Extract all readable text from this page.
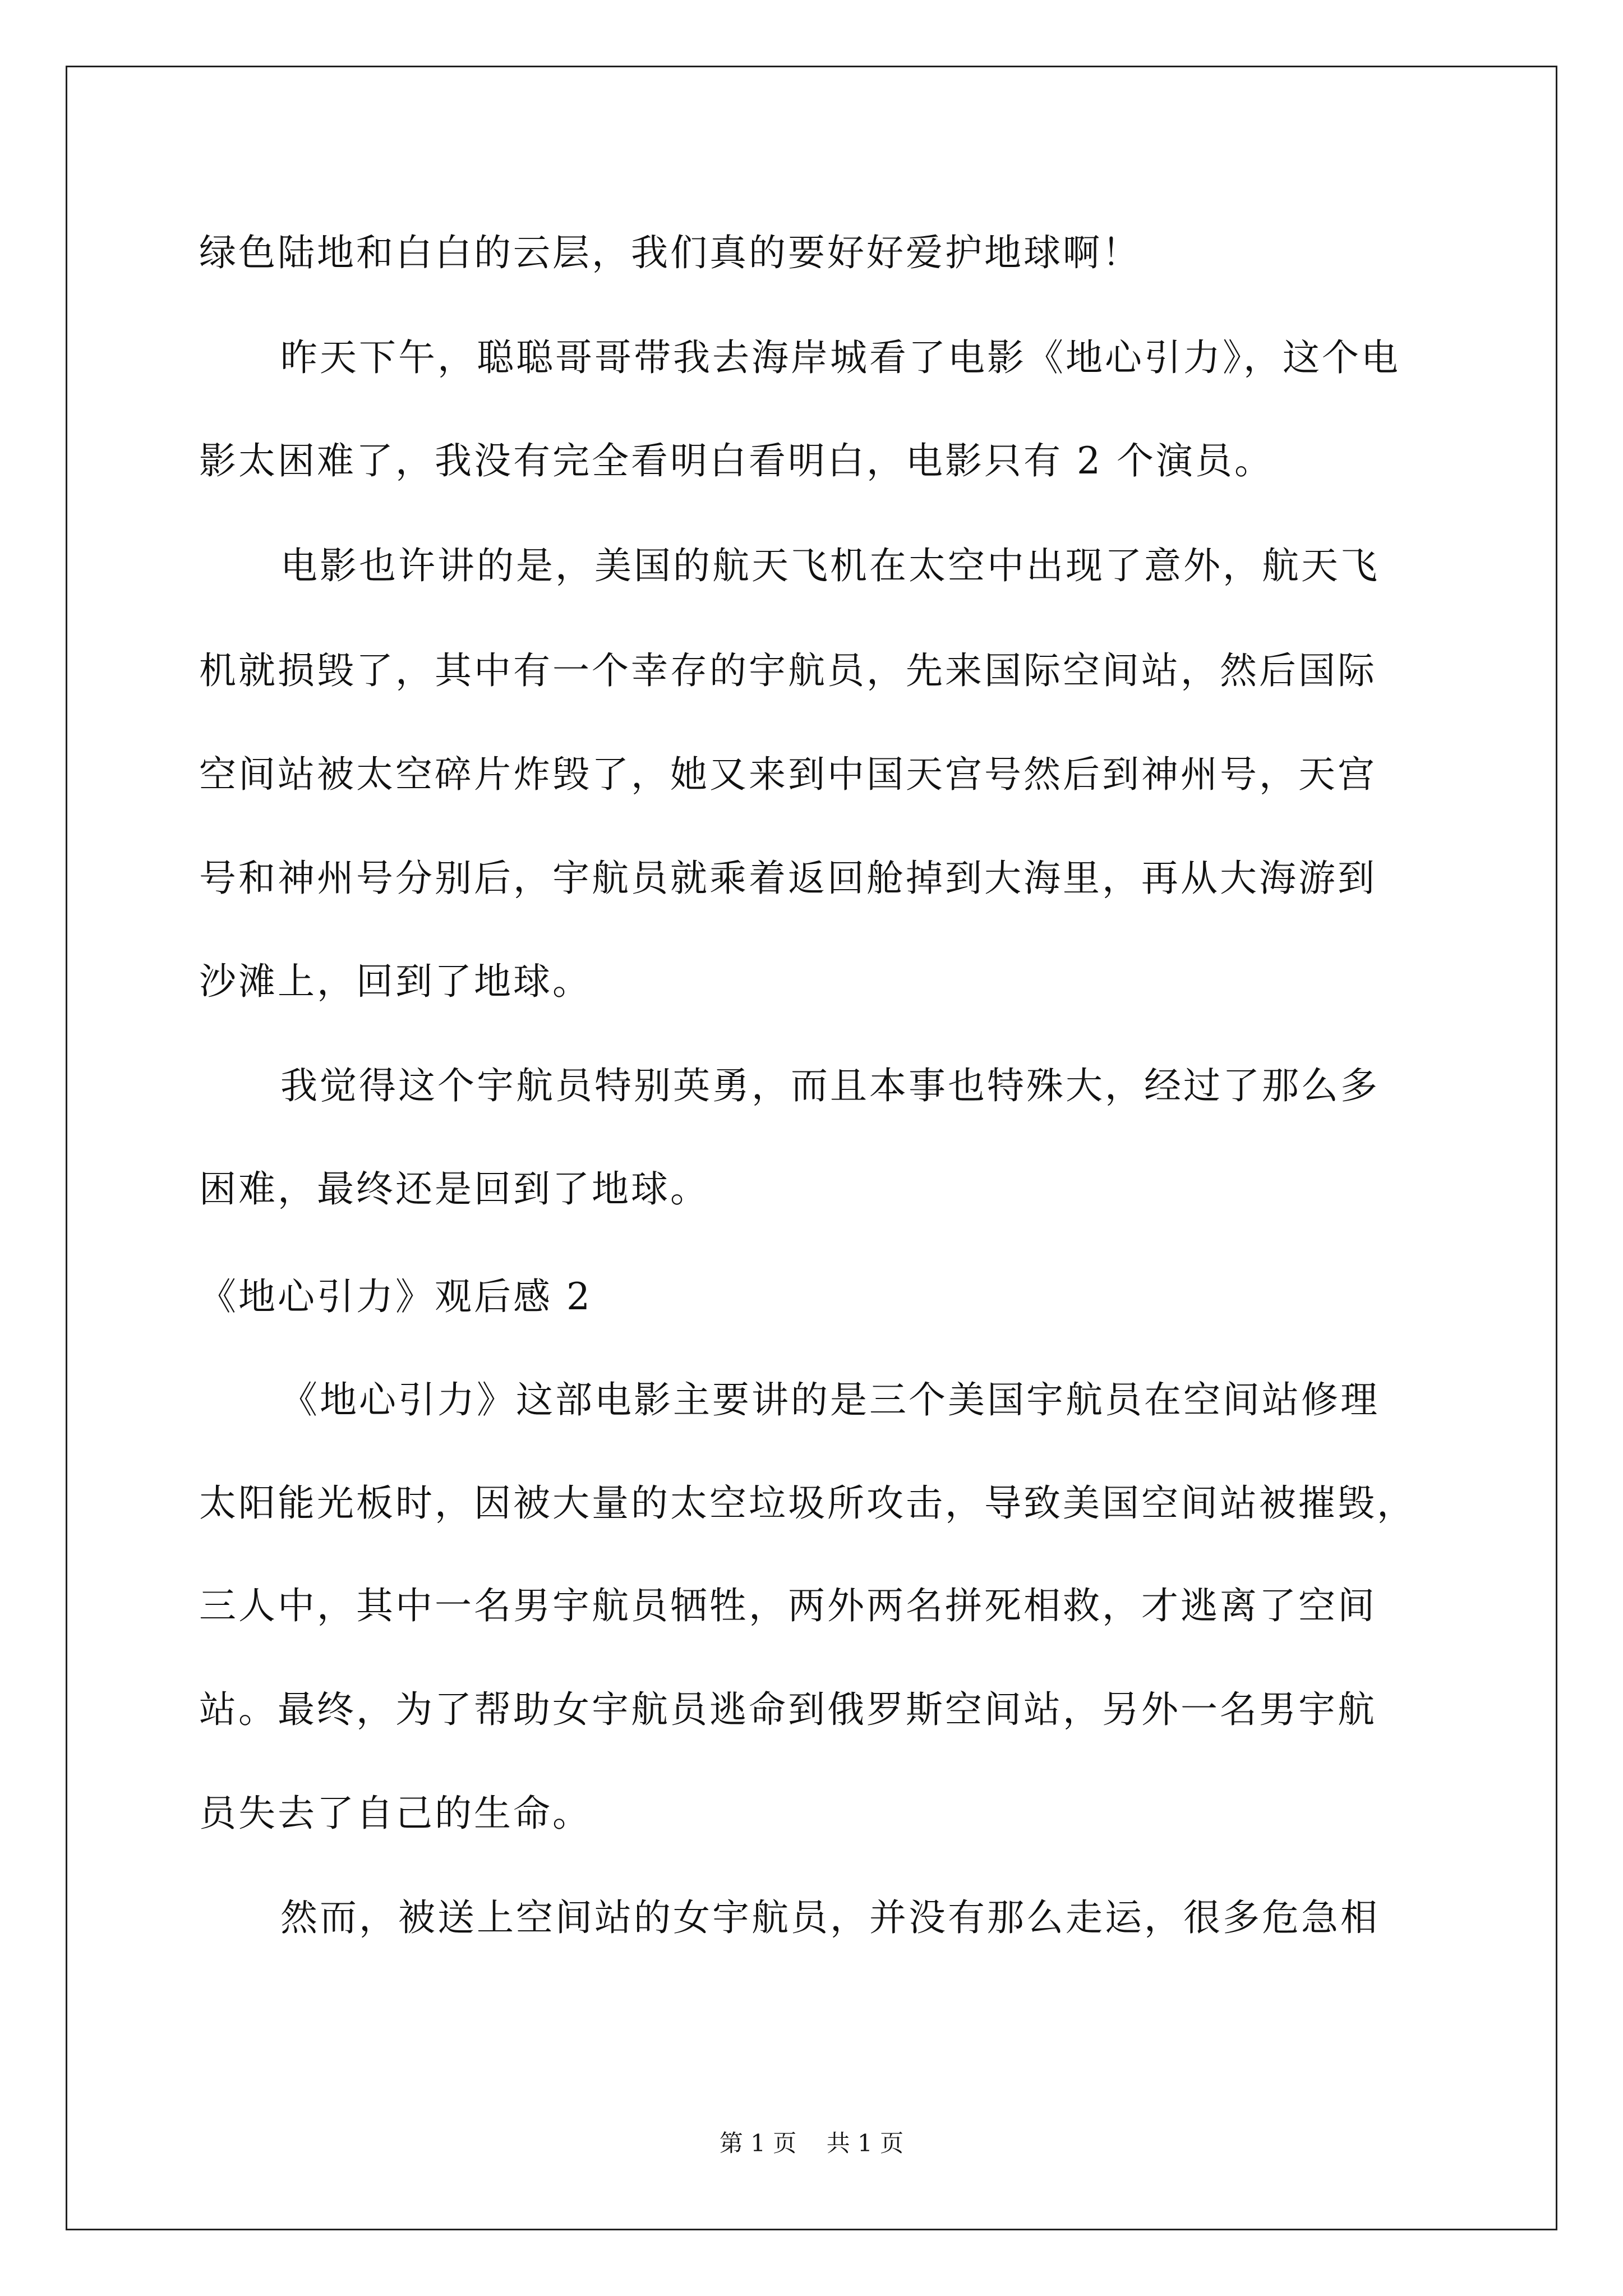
绿色陆地和白白的云层，我们真的要好好爱护地球啊！
昨天下午，聪聪哥哥带我去海岸城看了电影《地心引力》，这个电
影太困难了，我没有完全看明白看明白，电影只有 2 个演员。
电影也许讲的是，美国的航天飞机在太空中出现了意外，航天飞
机就损毁了，其中有一个幸存的宇航员，先来国际空间站，然后国际
空间站被太空碎片炸毁了，她又来到中国天宫号然后到神州号，天宫
号和神州号分别后，宇航员就乘着返回舱掉到大海里，再从大海游到
沙滩上，回到了地球。
我觉得这个宇航员特别英勇，而且本事也特殊大，经过了那么多
困难，最终还是回到了地球。
《地心引力》观后感 2
《地心引力》这部电影主要讲的是三个美国宇航员在空间站修理
太阳能光板时，因被大量的太空垃圾所攻击，导致美国空间站被摧毁，
三人中，其中一名男宇航员牺牲，两外两名拼死相救，才逃离了空间
站。最终，为了帮助女宇航员逃命到俄罗斯空间站，另外一名男宇航
员失去了自己的生命。
然而，被送上空间站的女宇航员，并没有那么走运，很多危急相
第 1 页    共 1 页
